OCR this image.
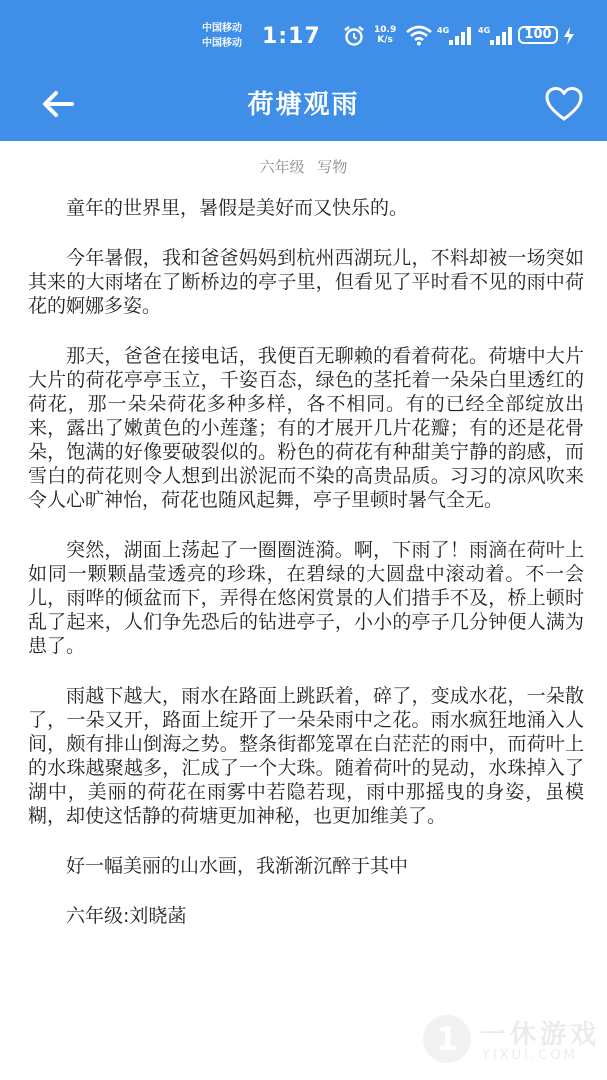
中国移动
中国移动 1:17	10.9
K/s
4G	4G	100
荷塘观雨
六年级 写物

童年的世界里，暑假是美好而又快乐的。

今年暑假，我和爸爸妈妈到杭州西湖玩儿，不料却被一场突如其来的大雨堵在了断桥边的亭子里，但看见了平时看不见的雨中荷花的婀娜多姿。

那天，爸爸在接电话，我便百无聊赖的看着荷花。荷塘中大片大片的荷花亭亭玉立，千姿百态，绿色的茎托着一朵朵白里透红的荷花，那一朵朵荷花多种多样，各不相同。有的已经全部绽放出来，露出了嫩黄色的小莲蓬；有的才展开几片花瓣；有的还是花骨朵，饱满的好像要破裂似的。粉色的荷花有种甜美宁静的韵感，而雪白的荷花则令人想到出淤泥而不染的高贵品质。习习的凉风吹来令人心旷神怡，荷花也随风起舞，亭子里顿时暑气全无。

突然，湖面上荡起了一圈圈涟漪。啊，下雨了！雨滴在荷叶上如同一颗颗晶莹透亮的珍珠，在碧绿的大圆盘中滚动着。不一会儿，雨哗的倾盆而下，弄得在悠闲赏景的人们措手不及，桥上顿时乱了起来，人们争先恐后的钻进亭子，小小的亭子几分钟便人满为患了。

雨越下越大，雨水在路面上跳跃着，碎了，变成水花，一朵散了，一朵又开，路面上绽开了一朵朵雨中之花。雨水疯狂地涌入人间，颇有排山倒海之势。整条街都笼罩在白茫茫的雨中，而荷叶上的水珠越聚越多，汇成了一个大珠。随着荷叶的晃动，水珠掉入了湖中，美丽的荷花在雨雾中若隐若现，雨中那摇曳的身姿，虽模糊，却使这恬静的荷塘更加神秘，也更加维美了。

好一幅美丽的山水画，我渐渐沉醉于其中

六年级:刘晓菡

1 一休游戏
YIXUI.COM
